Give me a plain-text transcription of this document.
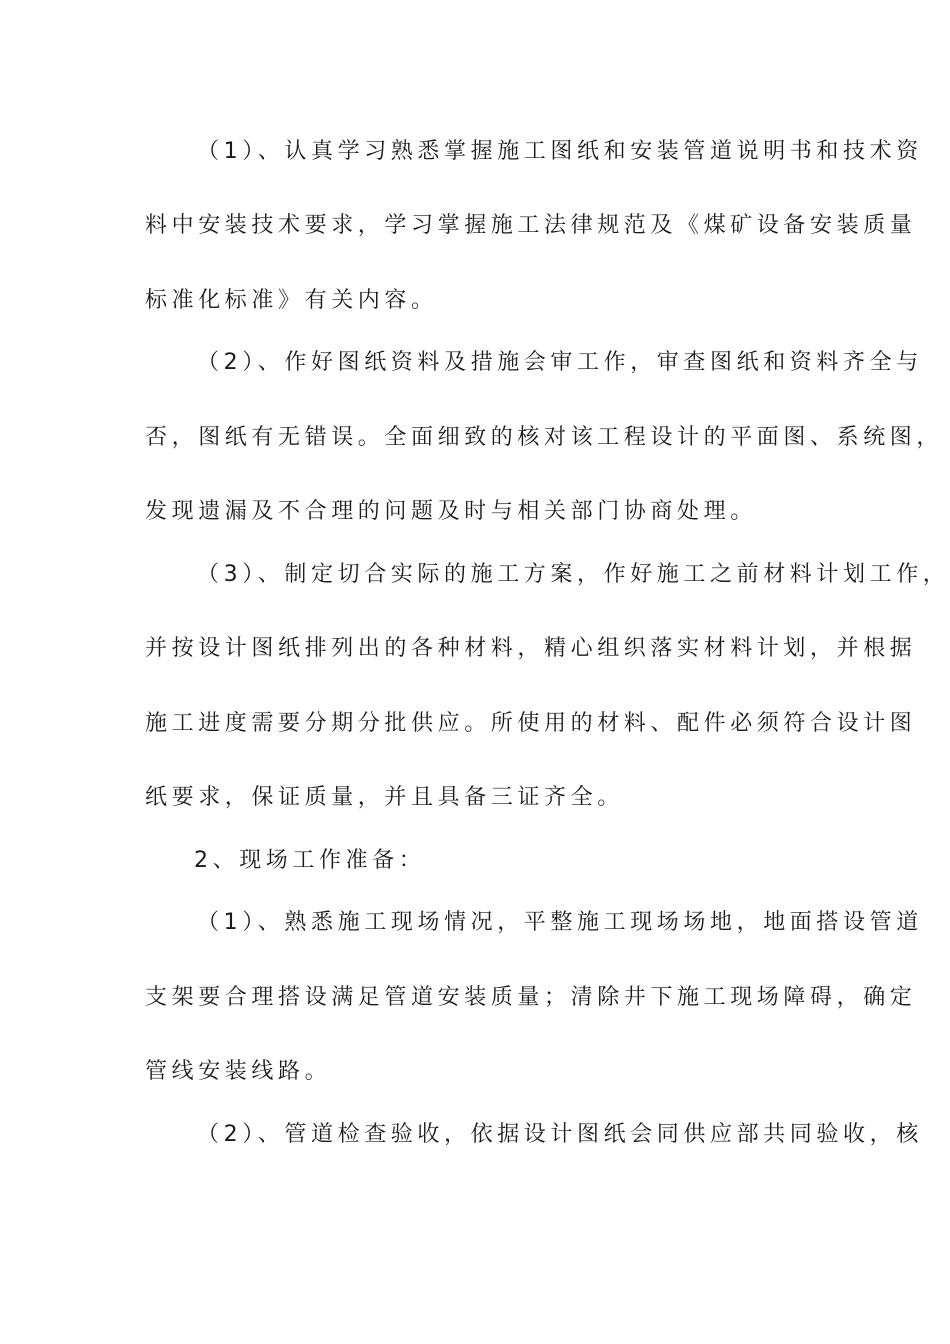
（1）、认真学习熟悉掌握施工图纸和安装管道说明书和技术资
料中安装技术要求，学习掌握施工法律规范及《煤矿设备安装质量
标准化标准》有关内容。
（2）、作好图纸资料及措施会审工作，审查图纸和资料齐全与
否，图纸有无错误。全面细致的核对该工程设计的平面图、系统图，
发现遗漏及不合理的问题及时与相关部门协商处理。
（3）、制定切合实际的施工方案，作好施工之前材料计划工作，
并按设计图纸排列出的各种材料，精心组织落实材料计划，并根据
施工进度需要分期分批供应。所使用的材料、配件必须符合设计图
纸要求，保证质量，并且具备三证齐全。
2、现场工作准备：
（1）、熟悉施工现场情况，平整施工现场场地，地面搭设管道
支架要合理搭设满足管道安装质量；清除井下施工现场障碍，确定
管线安装线路。
（2）、管道检查验收，依据设计图纸会同供应部共同验收，核
